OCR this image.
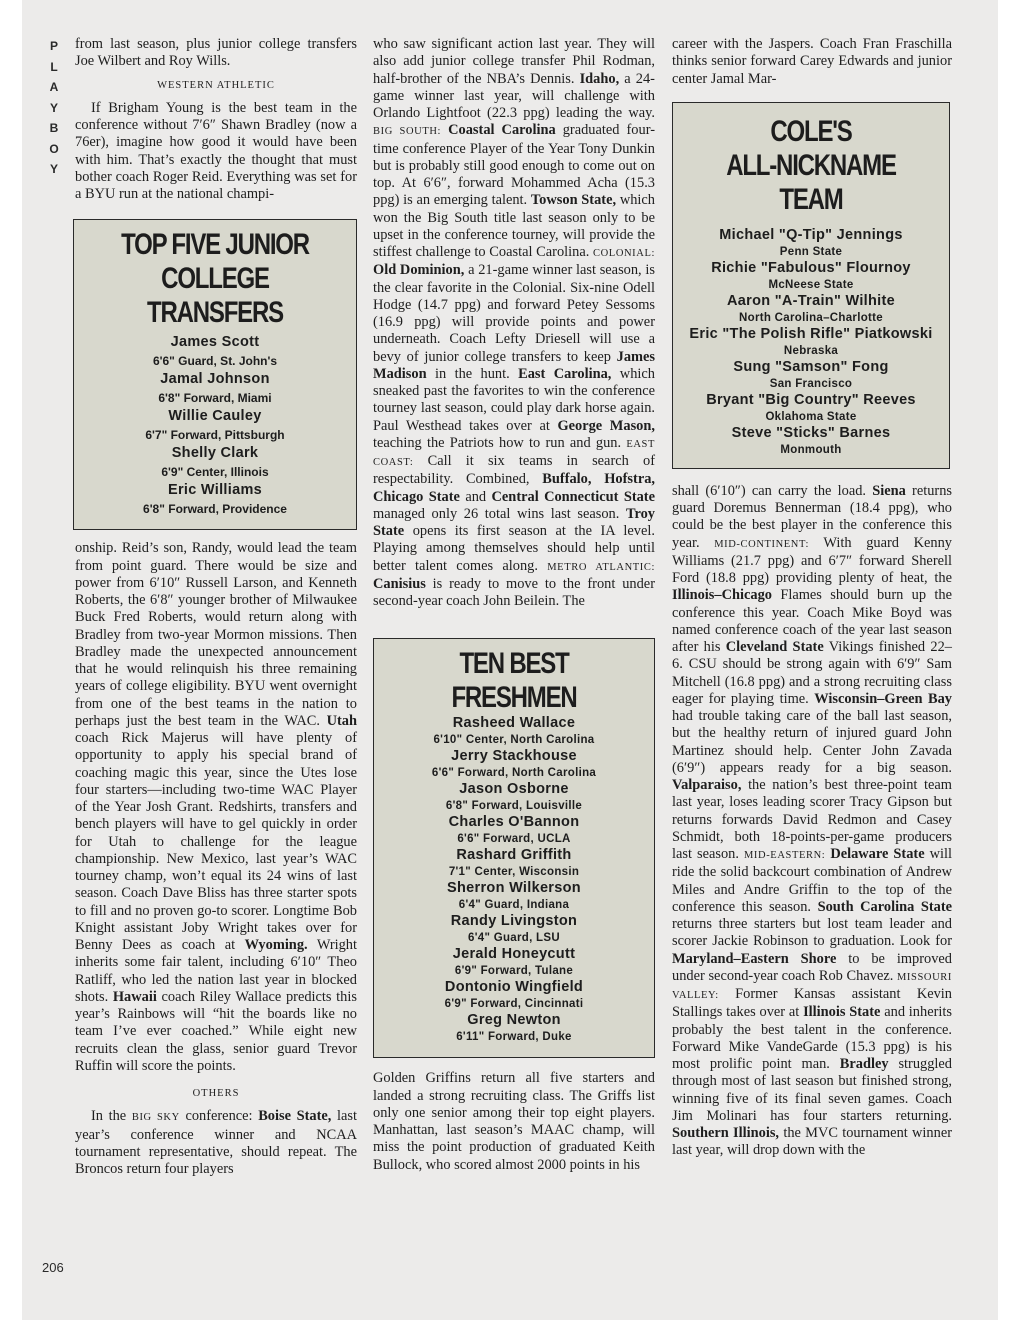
P
L
A
Y
B
O
Y

from last season, plus junior college transfers Joe Wilbert and Roy Wills.

WESTERN ATHLETIC

If Brigham Young is the best team in the conference without 7′6″ Shawn Bradley (now a 76er), imagine how good it would have been with him. That’s exactly the thought that must bother coach Roger Reid. Everything was set for a BYU run at the national champi-

TOP FIVE JUNIOR
COLLEGE TRANSFERS
James Scott
6'6" Guard, St. John's
Jamal Johnson
6'8" Forward, Miami
Willie Cauley
6'7" Forward, Pittsburgh
Shelly Clark
6'9" Center, Illinois
Eric Williams
6'8" Forward, Providence

onship. Reid’s son, Randy, would lead the team from point guard. There would be size and power from 6′10″ Russell Larson, and Kenneth Roberts, the 6′8″ younger brother of Milwaukee Buck Fred Roberts, would return along with Bradley from two-year Mormon missions. Then Bradley made the unexpected announcement that he would relinquish his three remaining years of college eligibility. BYU went overnight from one of the best teams in the nation to perhaps just the best team in the WAC. Utah coach Rick Majerus will have plenty of opportunity to apply his special brand of coaching magic this year, since the Utes lose four starters—including two-time WAC Player of the Year Josh Grant. Redshirts, transfers and bench players will have to gel quickly in order for Utah to challenge for the league championship. New Mexico, last year’s WAC tourney champ, won’t equal its 24 wins of last season. Coach Dave Bliss has three starter spots to fill and no proven go-to scorer. Longtime Bob Knight assistant Joby Wright takes over for Benny Dees as coach at Wyoming. Wright inherits some fair talent, including 6′10″ Theo Ratliff, who led the nation last year in blocked shots. Hawaii coach Riley Wallace predicts this year’s Rainbows will “hit the boards like no team I’ve ever coached.” While eight new recruits clean the glass, senior guard Trevor Ruffin will score the points.

OTHERS

In the BIG SKY conference: Boise State, last year’s conference winner and NCAA tournament representative, should repeat. The Broncos return four players

who saw significant action last year. They will also add junior college transfer Phil Rodman, half-brother of the NBA’s Dennis. Idaho, a 24-game winner last year, will challenge with Orlando Lightfoot (22.3 ppg) leading the way. BIG SOUTH: Coastal Carolina graduated four-time conference Player of the Year Tony Dunkin but is probably still good enough to come out on top. At 6′6″, forward Mohammed Acha (15.3 ppg) is an emerging talent. Towson State, which won the Big South title last season only to be upset in the conference tourney, will provide the stiffest challenge to Coastal Carolina. COLONIAL: Old Dominion, a 21-game winner last season, is the clear favorite in the Colonial. Six-nine Odell Hodge (14.7 ppg) and forward Petey Sessoms (16.9 ppg) will provide points and power underneath. Coach Lefty Driesell will use a bevy of junior college transfers to keep James Madison in the hunt. East Carolina, which sneaked past the favorites to win the conference tourney last season, could play dark horse again. Paul Westhead takes over at George Mason, teaching the Patriots how to run and gun. EAST COAST: Call it six teams in search of respectability. Combined, Buffalo, Hofstra, Chicago State and Central Connecticut State managed only 26 total wins last season. Troy State opens its first season at the IA level. Playing among themselves should help until better talent comes along. METRO ATLANTIC: Canisius is ready to move to the front under second-year coach John Beilein. The

TEN BEST FRESHMEN
Rasheed Wallace
6'10" Center, North Carolina
Jerry Stackhouse
6'6" Forward, North Carolina
Jason Osborne
6'8" Forward, Louisville
Charles O'Bannon
6'6" Forward, UCLA
Rashard Griffith
7'1" Center, Wisconsin
Sherron Wilkerson
6'4" Guard, Indiana
Randy Livingston
6'4" Guard, LSU
Jerald Honeycutt
6'9" Forward, Tulane
Dontonio Wingfield
6'9" Forward, Cincinnati
Greg Newton
6'11" Forward, Duke

Golden Griffins return all five starters and landed a strong recruiting class. The Griffs list only one senior among their top eight players. Manhattan, last season’s MAAC champ, will miss the point production of graduated Keith Bullock, who scored almost 2000 points in his

career with the Jaspers. Coach Fran Fraschilla thinks senior forward Carey Edwards and junior center Jamal Mar-

COLE'S
ALL-NICKNAME TEAM
Michael "Q-Tip" Jennings
Penn State
Richie "Fabulous" Flournoy
McNeese State
Aaron "A-Train" Wilhite
North Carolina–Charlotte
Eric "The Polish Rifle" Piatkowski
Nebraska
Sung "Samson" Fong
San Francisco
Bryant "Big Country" Reeves
Oklahoma State
Steve "Sticks" Barnes
Monmouth

shall (6′10″) can carry the load. Siena returns guard Doremus Bennerman (18.4 ppg), who could be the best player in the conference this year. MID-CONTINENT: With guard Kenny Williams (21.7 ppg) and 6′7″ forward Sherell Ford (18.8 ppg) providing plenty of heat, the Illinois–Chicago Flames should burn up the conference this year. Coach Mike Boyd was named conference coach of the year last season after his Cleveland State Vikings finished 22–6. CSU should be strong again with 6′9″ Sam Mitchell (16.8 ppg) and a strong recruiting class eager for playing time. Wisconsin–Green Bay had trouble taking care of the ball last season, but the healthy return of injured guard John Martinez should help. Center John Zavada (6′9″) appears ready for a big season. Valparaiso, the nation’s best three-point team last year, loses leading scorer Tracy Gipson but returns forwards David Redmon and Casey Schmidt, both 18-points-per-game producers last season. MID-EASTERN: Delaware State will ride the solid backcourt combination of Andrew Miles and Andre Griffin to the top of the conference this season. South Carolina State returns three starters but lost team leader and scorer Jackie Robinson to graduation. Look for Maryland–Eastern Shore to be improved under second-year coach Rob Chavez. MISSOURI VALLEY: Former Kansas assistant Kevin Stallings takes over at Illinois State and inherits probably the best talent in the conference. Forward Mike VandeGarde (15.3 ppg) is his most prolific point man. Bradley struggled through most of last season but finished strong, winning five of its final seven games. Coach Jim Molinari has four starters returning. Southern Illinois, the MVC tournament winner last year, will drop down with the

206
